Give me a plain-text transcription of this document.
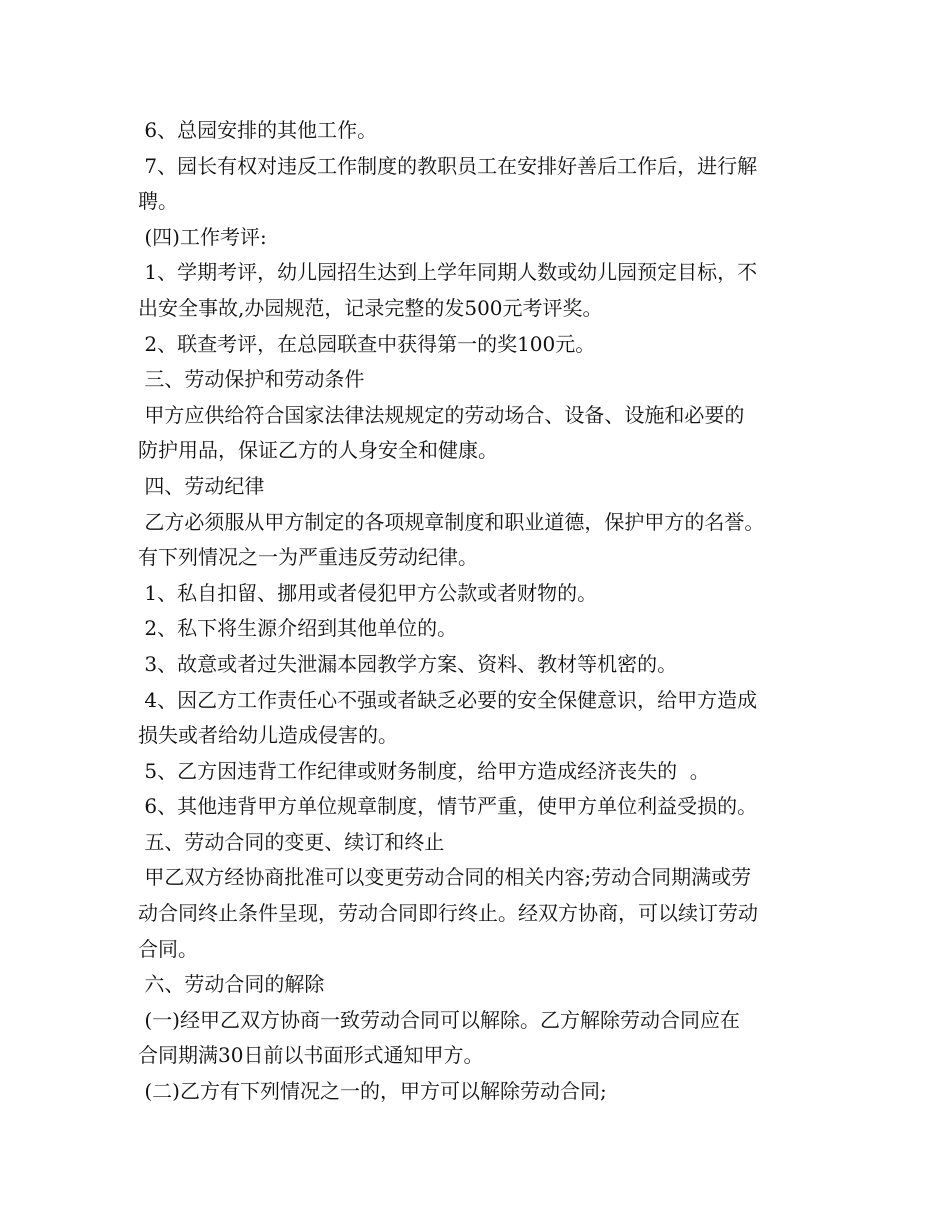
6、总园安排的其他工作。
7、园长有权对违反工作制度的教职员工在安排好善后工作后，进行解
聘。
(四)工作考评:
1、学期考评，幼儿园招生达到上学年同期人数或幼儿园预定目标，不
出安全事故,办园规范，记录完整的发500元考评奖。
2、联查考评，在总园联查中获得第一的奖100元。
三、劳动保护和劳动条件
甲方应供给符合国家法律法规规定的劳动场合、设备、设施和必要的
防护用品，保证乙方的人身安全和健康。
四、劳动纪律
乙方必须服从甲方制定的各项规章制度和职业道德，保护甲方的名誉。
有下列情况之一为严重违反劳动纪律。
1、私自扣留、挪用或者侵犯甲方公款或者财物的。
2、私下将生源介绍到其他单位的。
3、故意或者过失泄漏本园教学方案、资料、教材等机密的。
4、因乙方工作责任心不强或者缺乏必要的安全保健意识，给甲方造成
损失或者给幼儿造成侵害的。
5、乙方因违背工作纪律或财务制度，给甲方造成经济丧失的  。
6、其他违背甲方单位规章制度，情节严重，使甲方单位利益受损的。
五、劳动合同的变更、续订和终止
甲乙双方经协商批准可以变更劳动合同的相关内容;劳动合同期满或劳
动合同终止条件呈现，劳动合同即行终止。经双方协商，可以续订劳动
合同。
六、劳动合同的解除
(一)经甲乙双方协商一致劳动合同可以解除。乙方解除劳动合同应在
合同期满30日前以书面形式通知甲方。
(二)乙方有下列情况之一的，甲方可以解除劳动合同;
